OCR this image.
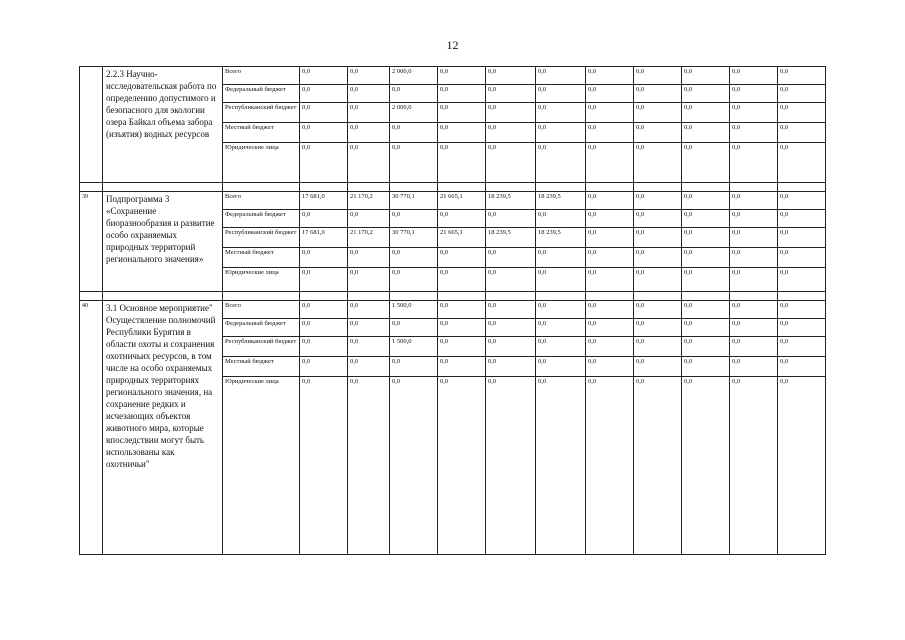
12
	2.2.3 Научно-исследовательская работа по определению допустимого и безопасного для экологии озера Байкал объема забора (изъятия) водных ресурсов	Всего	0,0	0,0	2 000,0	0,0	0,0	0,0	0,0	0,0	0,0	0,0	0,0
		Федеральный бюджет	0,0	0,0	0,0	0,0	0,0	0,0	0,0	0,0	0,0	0,0	0,0
		Республиканский бюджет	0,0	0,0	2 000,0	0,0	0,0	0,0	0,0	0,0	0,0	0,0	0,0
		Местный бюджет	0,0	0,0	0,0	0,0	0,0	0,0	0,0	0,0	0,0	0,0	0,0
		Юридические лица	0,0	0,0	0,0	0,0	0,0	0,0	0,0	0,0	0,0	0,0	0,0

39	Подпрограмма 3 «Сохранение биоразнообразия и развитие особо охраняемых природных территорий регионального значения»	Всего	17 681,0	21 170,2	30 770,1	21 665,1	18 239,5	18 239,5	0,0	0,0	0,0	0,0	0,0
		Федеральный бюджет	0,0	0,0	0,0	0,0	0,0	0,0	0,0	0,0	0,0	0,0	0,0
		Республиканский бюджет	17 681,0	21 170,2	30 770,1	21 665,1	18 239,5	18 239,5	0,0	0,0	0,0	0,0	0,0
		Местный бюджет	0,0	0,0	0,0	0,0	0,0	0,0	0,0	0,0	0,0	0,0	0,0
		Юридические лица	0,0	0,0	0,0	0,0	0,0	0,0	0,0	0,0	0,0	0,0	0,0

40	3.1 Основное мероприятие" Осуществление полномочий Республики Бурятия в области охоты и сохранения охотничьих ресурсов, в том числе на особо охраняемых природных территориях регионального значения, на сохранение редких и исчезающих объектов животного мира, которые впоследствии могут быть использованы как охотничьи"	Всего	0,0	0,0	1 500,0	0,0	0,0	0,0	0,0	0,0	0,0	0,0	0,0
		Федеральный бюджет	0,0	0,0	0,0	0,0	0,0	0,0	0,0	0,0	0,0	0,0	0,0
		Республиканский бюджет	0,0	0,0	1 500,0	0,0	0,0	0,0	0,0	0,0	0,0	0,0	0,0
		Местный бюджет	0,0	0,0	0,0	0,0	0,0	0,0	0,0	0,0	0,0	0,0	0,0
		Юридические лица	0,0	0,0	0,0	0,0	0,0	0,0	0,0	0,0	0,0	0,0	0,0
